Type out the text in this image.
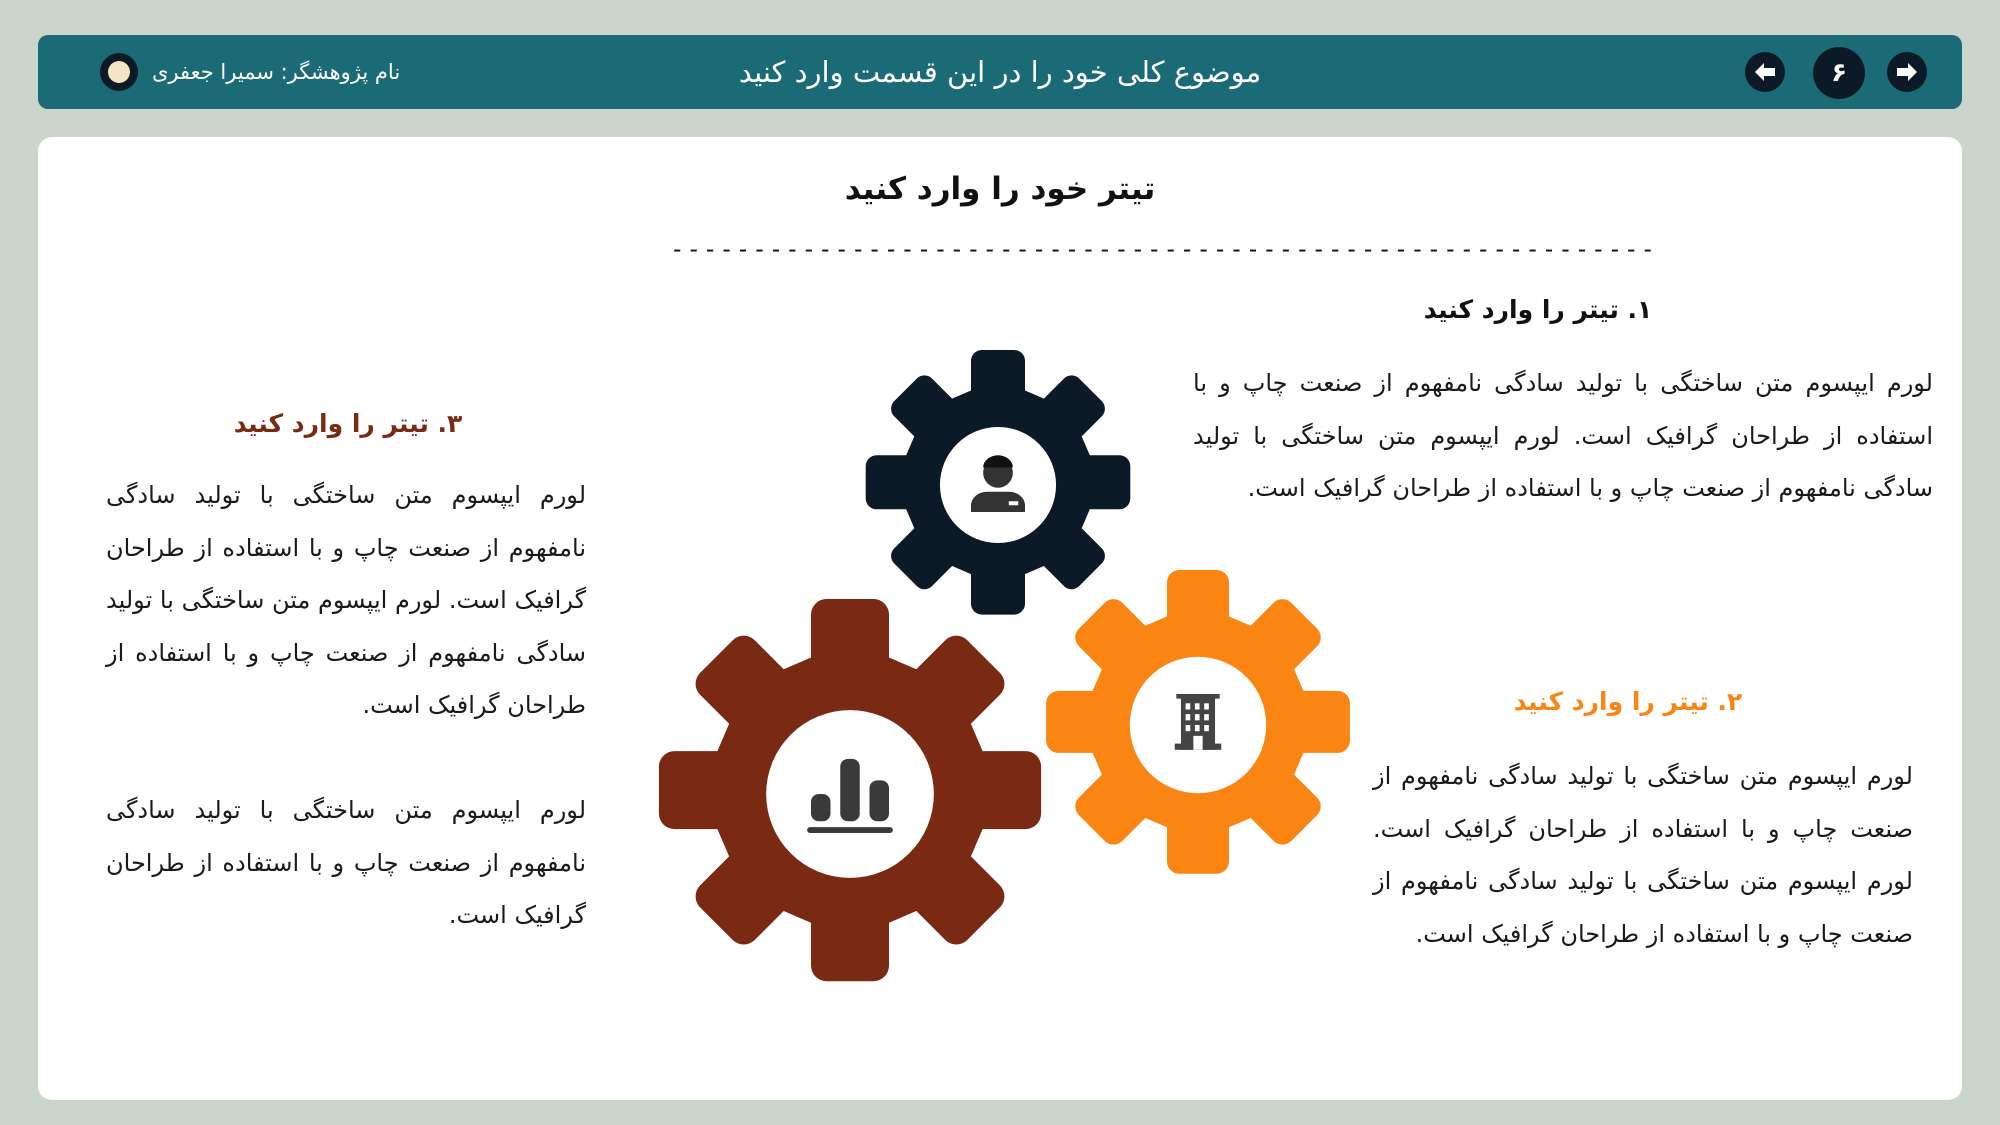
موضوع کلی خود را در این قسمت وارد کنید
نام پژوهشگر: سمیرا جعفری	۶
تیتر خود را وارد کنید
------------------------------------------------------------
۱. تیتر را وارد کنید
لورم ایپسوم متن ساختگی با تولید سادگی نامفهوم از صنعت چاپ و با استفاده از طراحان گرافیک است. لورم ایپسوم متن ساختگی با تولید سادگی نامفهوم از صنعت چاپ و با استفاده از طراحان گرافیک است.
۲. تیتر را وارد کنید
لورم ایپسوم متن ساختگی با تولید سادگی نامفهوم از صنعت چاپ و با استفاده از طراحان گرافیک است. لورم ایپسوم متن ساختگی با تولید سادگی نامفهوم از صنعت چاپ و با استفاده از طراحان گرافیک است.
۳. تیتر را وارد کنید
لورم ایپسوم متن ساختگی با تولید سادگی نامفهوم از صنعت چاپ و با استفاده از طراحان گرافیک است. لورم ایپسوم متن ساختگی با تولید سادگی نامفهوم از صنعت چاپ و با استفاده از طراحان گرافیک است.
لورم ایپسوم متن ساختگی با تولید سادگی نامفهوم از صنعت چاپ و با استفاده از طراحان گرافیک است.
